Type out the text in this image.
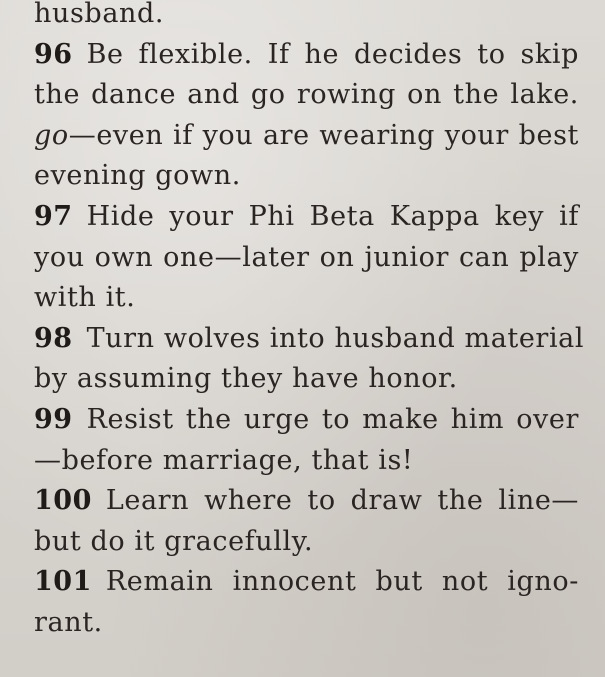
husband.
96 Be flexible. If he decides to skip
the dance and go rowing on the lake.
go—even if you are wearing your best
evening gown.
97 Hide your Phi Beta Kappa key if
you own one—later on junior can play
with it.
98 Turn wolves into husband material
by assuming they have honor.
99 Resist the urge to make him over
—before marriage, that is!
100 Learn where to draw the line—
but do it gracefully.
101 Remain innocent but not igno-
rant.
